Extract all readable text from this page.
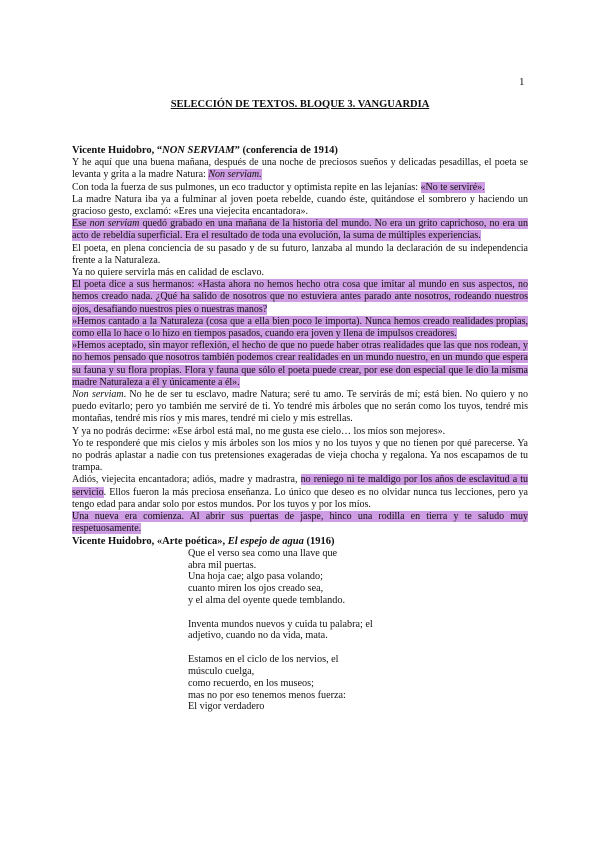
1
SELECCIÓN DE TEXTOS. BLOQUE 3. VANGUARDIA

Vicente Huidobro, “NON SERVIAM” (conferencia de 1914)

Y he aquí que una buena mañana, después de una noche de preciosos sueños y delicadas pesadillas, el poeta se levanta y grita a la madre Natura: Non serviam.

Con toda la fuerza de sus pulmones, un eco traductor y optimista repite en las lejanías: «No te serviré».

La madre Natura iba ya a fulminar al joven poeta rebelde, cuando éste, quitándose el sombrero y haciendo un gracioso gesto, exclamó: «Eres una viejecita encantadora».

Ese non serviam quedó grabado en una mañana de la historia del mundo. No era un grito caprichoso, no era un acto de rebeldía superficial. Era el resultado de toda una evolución, la suma de múltiples experiencias.

El poeta, en plena conciencia de su pasado y de su futuro, lanzaba al mundo la declaración de su independencia frente a la Naturaleza.

Ya no quiere servirla más en calidad de esclavo.

El poeta dice a sus hermanos: «Hasta ahora no hemos hecho otra cosa que imitar al mundo en sus aspectos, no hemos creado nada. ¿Qué ha salido de nosotros que no estuviera antes parado ante nosotros, rodeando nuestros ojos, desafiando nuestros pies o nuestras manos?

»Hemos cantado a la Naturaleza (cosa que a ella bien poco le importa). Nunca hemos creado realidades propias, como ella lo hace o lo hizo en tiempos pasados, cuando era joven y llena de impulsos creadores.

»Hemos aceptado, sin mayor reflexión, el hecho de que no puede haber otras realidades que las que nos rodean, y no hemos pensado que nosotros también podemos crear realidades en un mundo nuestro, en un mundo que espera su fauna y su flora propias. Flora y fauna que sólo el poeta puede crear, por ese don especial que le dio la misma madre Naturaleza a él y únicamente a él».

Non serviam. No he de ser tu esclavo, madre Natura; seré tu amo. Te servirás de mí; está bien. No quiero y no puedo evitarlo; pero yo también me serviré de ti. Yo tendré mis árboles que no serán como los tuyos, tendré mis montañas, tendré mis ríos y mis mares, tendré mi cielo y mis estrellas.

Y ya no podrás decirme: «Ese árbol está mal, no me gusta ese cielo… los míos son mejores».

Yo te responderé que mis cielos y mis árboles son los míos y no los tuyos y que no tienen por qué parecerse. Ya no podrás aplastar a nadie con tus pretensiones exageradas de vieja chocha y regalona. Ya nos escapamos de tu trampa.

Adiós, viejecita encantadora; adiós, madre y madrastra, no reniego ni te maldigo por los años de esclavitud a tu servicio. Ellos fueron la más preciosa enseñanza. Lo único que deseo es no olvidar nunca tus lecciones, pero ya tengo edad para andar solo por estos mundos. Por los tuyos y por los míos.

Una nueva era comienza. Al abrir sus puertas de jaspe, hinco una rodilla en tierra y te saludo muy respetuosamente.

Vicente Huidobro, «Arte poética», El espejo de agua (1916)

Que el verso sea como una llave que

abra mil puertas.

Una hoja cae; algo pasa volando;

cuanto miren los ojos creado sea,

y el alma del oyente quede temblando.

Inventa mundos nuevos y cuida tu palabra; el

adjetivo, cuando no da vida, mata.

Estamos en el ciclo de los nervios, el

músculo cuelga,

como recuerdo, en los museos;

mas no por eso tenemos menos fuerza:

El vigor verdadero
